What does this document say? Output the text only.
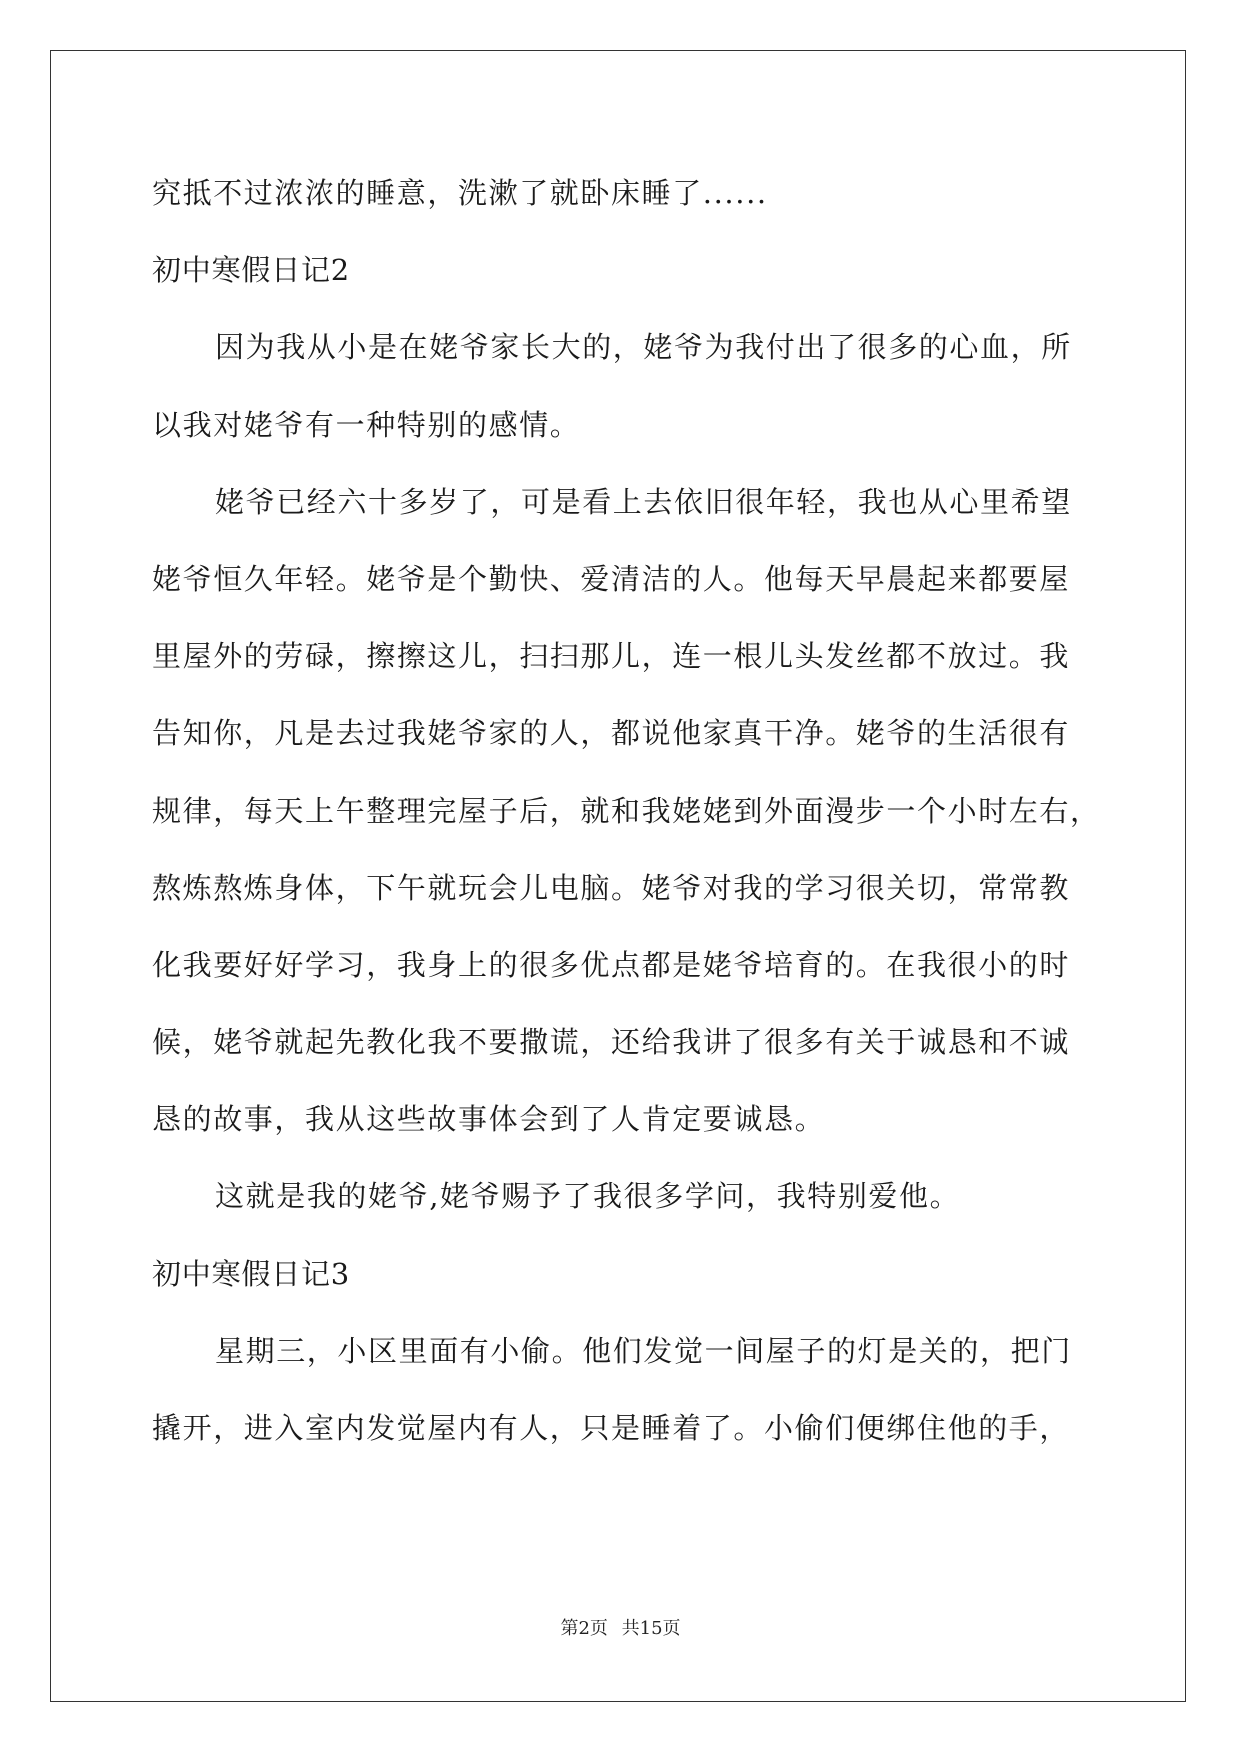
究抵不过浓浓的睡意，洗漱了就卧床睡了......
初中寒假日记2
因为我从小是在姥爷家长大的，姥爷为我付出了很多的心血，所
以我对姥爷有一种特别的感情。
姥爷已经六十多岁了，可是看上去依旧很年轻，我也从心里希望
姥爷恒久年轻。姥爷是个勤快、爱清洁的人。他每天早晨起来都要屋
里屋外的劳碌，擦擦这儿，扫扫那儿，连一根儿头发丝都不放过。我
告知你，凡是去过我姥爷家的人，都说他家真干净。姥爷的生活很有
规律，每天上午整理完屋子后，就和我姥姥到外面漫步一个小时左右，
熬炼熬炼身体，下午就玩会儿电脑。姥爷对我的学习很关切，常常教
化我要好好学习，我身上的很多优点都是姥爷培育的。在我很小的时
候，姥爷就起先教化我不要撒谎，还给我讲了很多有关于诚恳和不诚
恳的故事，我从这些故事体会到了人肯定要诚恳。
这就是我的姥爷,姥爷赐予了我很多学问，我特别爱他。
初中寒假日记3
星期三，小区里面有小偷。他们发觉一间屋子的灯是关的，把门
撬开，进入室内发觉屋内有人，只是睡着了。小偷们便绑住他的手，
第2页 共15页
